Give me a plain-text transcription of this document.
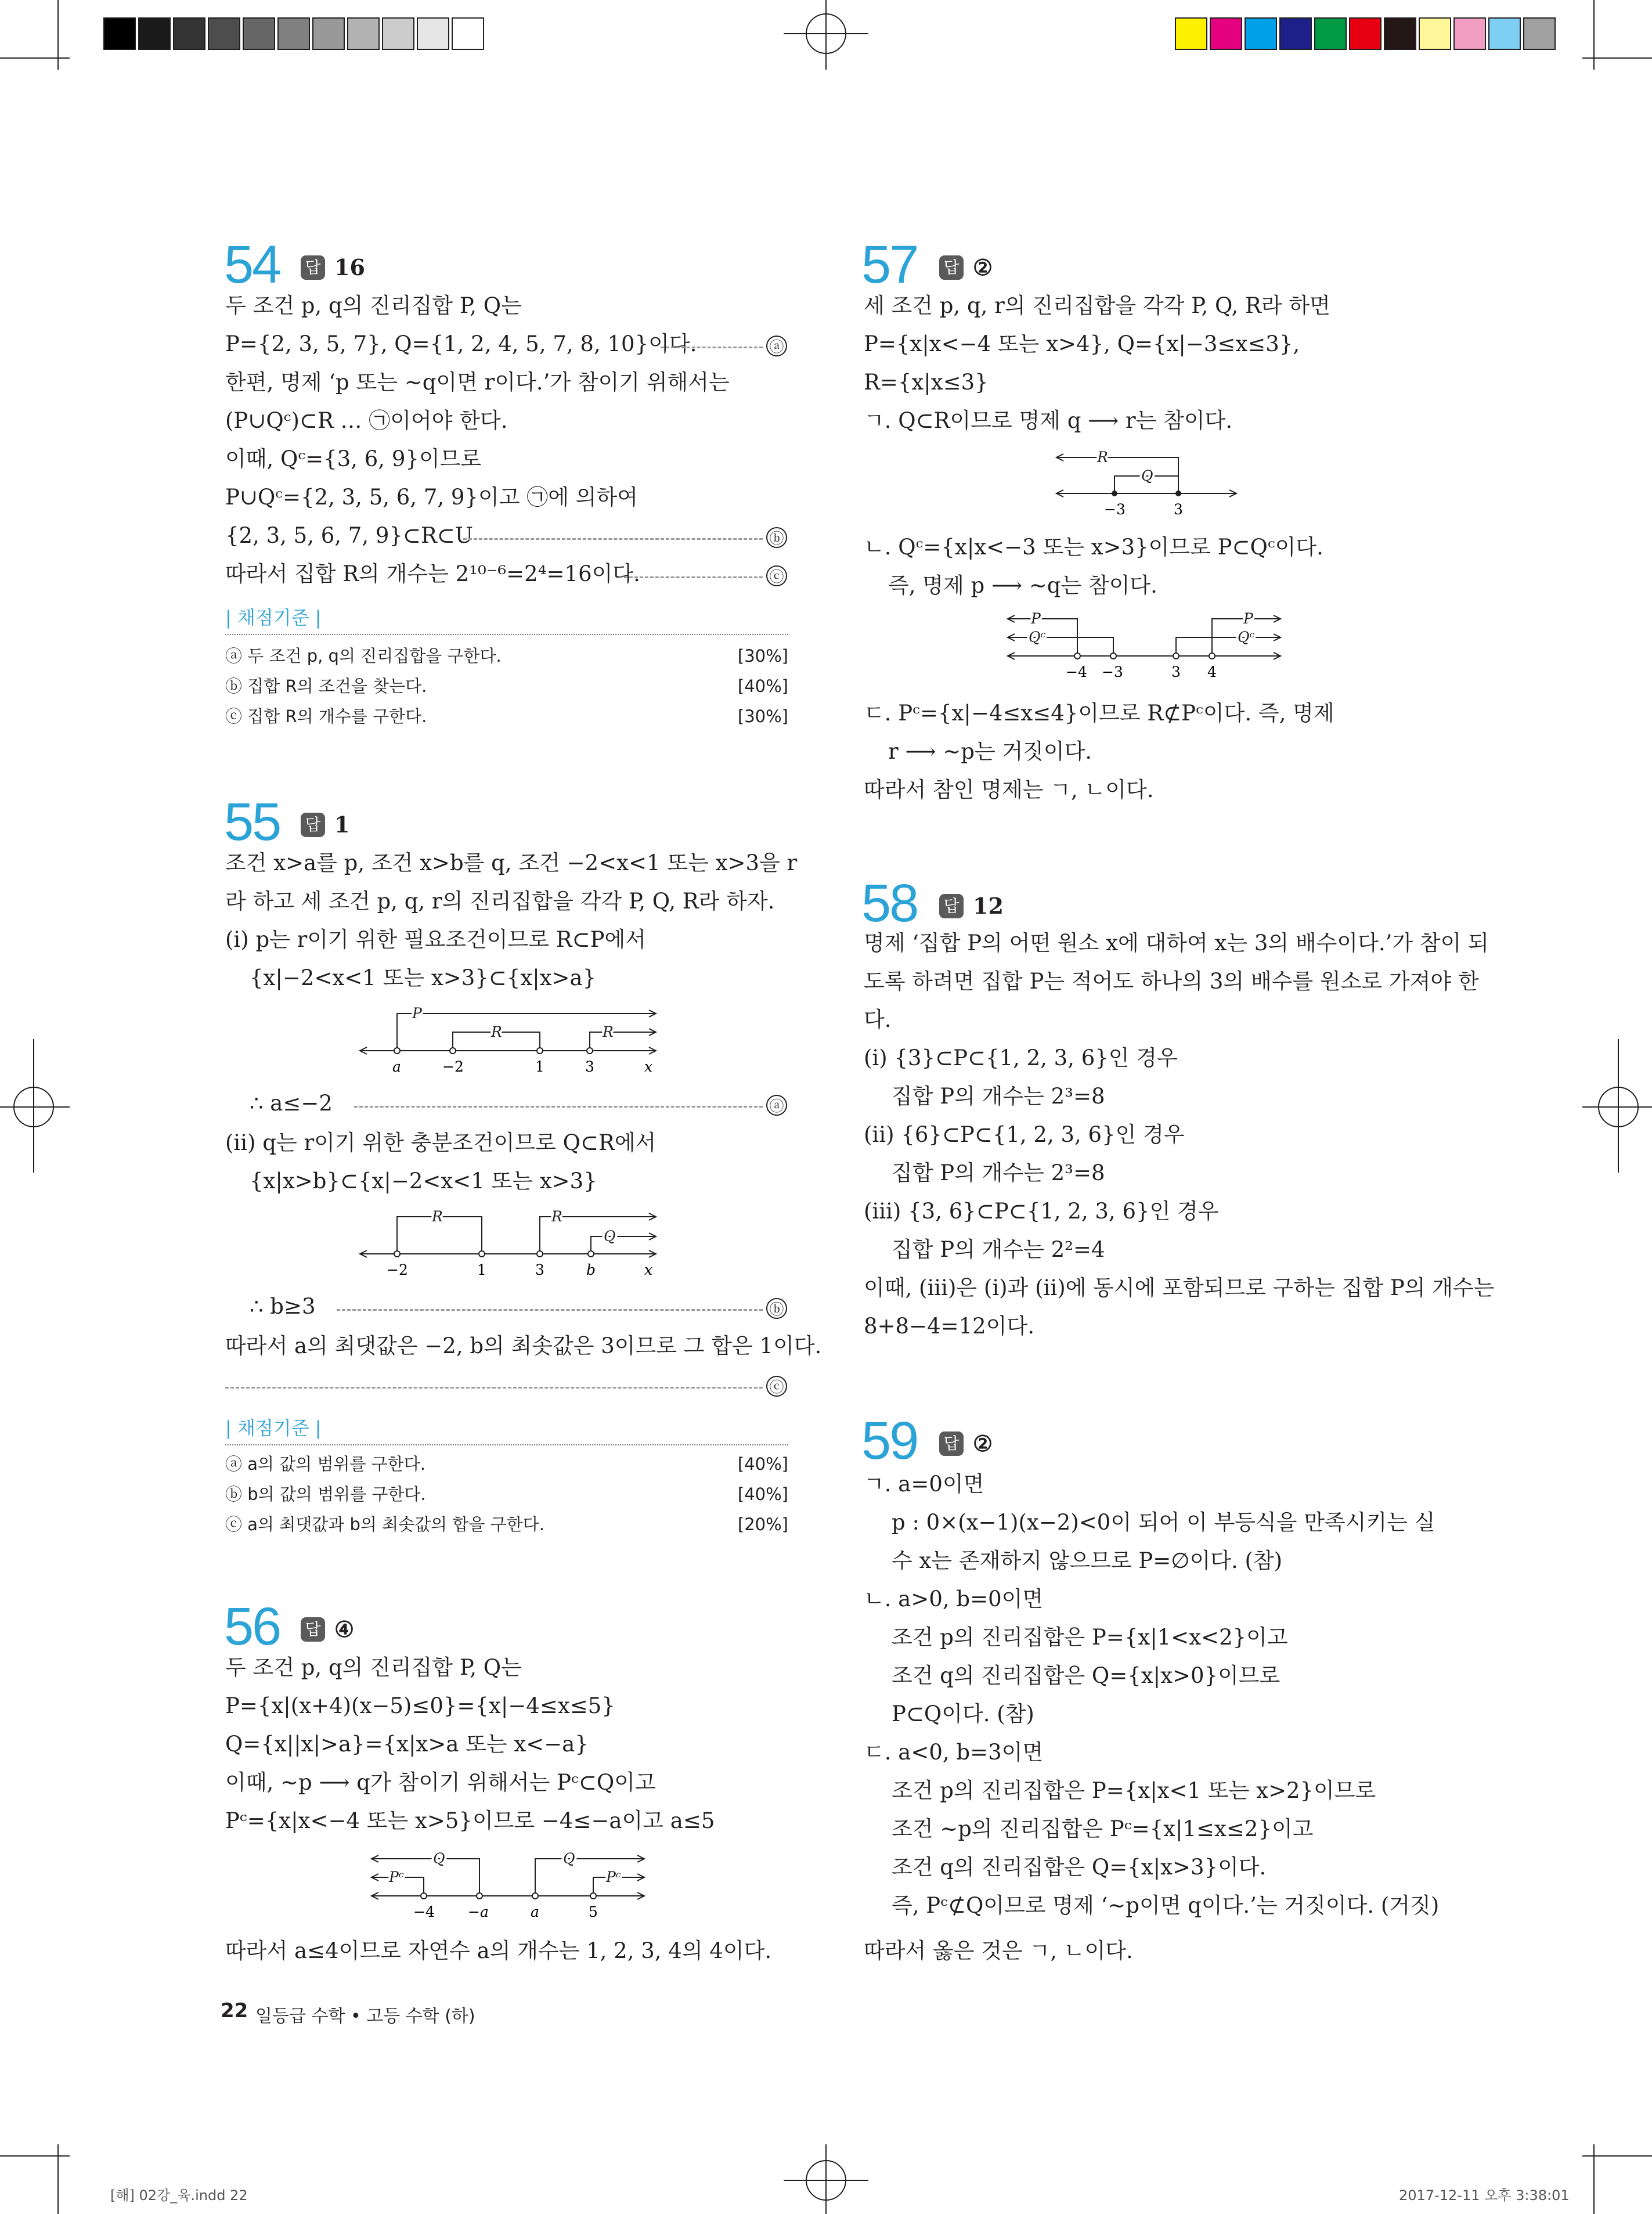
54 답 16
두 조건 p, q의 진리집합 P, Q는
P={2, 3, 5, 7}, Q={1, 2, 4, 5, 7, 8, 10}이다.	ⓐ
한편, 명제 ‘p 또는 ~q이면 r이다.’가 참이기 위해서는
(P∪Qᶜ)⊂R … ㉠이어야 한다.
이때, Qᶜ={3, 6, 9}이므로
P∪Qᶜ={2, 3, 5, 6, 7, 9}이고 ㉠에 의하여
{2, 3, 5, 6, 7, 9}⊂R⊂U	ⓑ
따라서 집합 R의 개수는 2¹⁰⁻⁶=2⁴=16이다.	ⓒ
| 채점기준 |
ⓐ 두 조건 p, q의 진리집합을 구한다.	[30%]
ⓑ 집합 R의 조건을 찾는다.	[40%]
ⓒ 집합 R의 개수를 구한다.	[30%]
55 답 1
조건 x>a를 p, 조건 x>b를 q, 조건 −2<x<1 또는 x>3을 r
라 하고 세 조건 p, q, r의 진리집합을 각각 P, Q, R라 하자.
(i) p는 r이기 위한 필요조건이므로 R⊂P에서
{x|−2<x<1 또는 x>3}⊂{x|x>a}
P
R	R
a	−2	1	3	x
∴ a≤−2	ⓐ
(ii) q는 r이기 위한 충분조건이므로 Q⊂R에서
{x|x>b}⊂{x|−2<x<1 또는 x>3}
R	R
Q
−2	1	3	b	x
∴ b≥3	ⓑ
따라서 a의 최댓값은 −2, b의 최솟값은 3이므로 그 합은 1이다.
ⓒ
| 채점기준 |
ⓐ a의 값의 범위를 구한다.	[40%]
ⓑ b의 값의 범위를 구한다.	[40%]
ⓒ a의 최댓값과 b의 최솟값의 합을 구한다.	[20%]
56 답 ④
두 조건 p, q의 진리집합 P, Q는
P={x|(x+4)(x−5)≤0}={x|−4≤x≤5}
Q={x||x|>a}={x|x>a 또는 x<−a}
이때, ~p ⟶ q가 참이기 위해서는 Pᶜ⊂Q이고
Pᶜ={x|x<−4 또는 x>5}이므로 −4≤−a이고 a≤5
Pᶜ
Q	Q
Pᶜ
−4 −a	a	5
따라서 a≤4이므로 자연수 a의 개수는 1, 2, 3, 4의 4이다.
57 답 ②
세 조건 p, q, r의 진리집합을 각각 P, Q, R라 하면
P={x|x<−4 또는 x>4}, Q={x|−3≤x≤3},
R={x|x≤3}
ㄱ. Q⊂R이므로 명제 q ⟶ r는 참이다.
R
Q
−3	3
ㄴ. Qᶜ={x|x<−3 또는 x>3}이므로 P⊂Qᶜ이다.
즉, 명제 p ⟶ ~q는 참이다.
P
Qᶜ
P
Qᶜ
−4 −3	3 4
ㄷ. Pᶜ={x|−4≤x≤4}이므로 R⊄Pᶜ이다. 즉, 명제
r ⟶ ~p는 거짓이다.
따라서 참인 명제는 ㄱ, ㄴ이다.
58 답 12
명제 ‘집합 P의 어떤 원소 x에 대하여 x는 3의 배수이다.’가 참이 되
도록 하려면 집합 P는 적어도 하나의 3의 배수를 원소로 가져야 한
다.
(i) {3}⊂P⊂{1, 2, 3, 6}인 경우
집합 P의 개수는 2³=8
(ii) {6}⊂P⊂{1, 2, 3, 6}인 경우
집합 P의 개수는 2³=8
(iii) {3, 6}⊂P⊂{1, 2, 3, 6}인 경우
집합 P의 개수는 2²=4
이때, (iii)은 (i)과 (ii)에 동시에 포함되므로 구하는 집합 P의 개수는
8+8−4=12이다.
59 답 ②
ㄱ. a=0이면
p : 0×(x−1)(x−2)<0이 되어 이 부등식을 만족시키는 실
수 x는 존재하지 않으므로 P=∅이다. (참)
ㄴ. a>0, b=0이면
조건 p의 진리집합은 P={x|1<x<2}이고
조건 q의 진리집합은 Q={x|x>0}이므로
P⊂Q이다. (참)
ㄷ. a<0, b=3이면
조건 p의 진리집합은 P={x|x<1 또는 x>2}이므로
조건 ~p의 진리집합은 Pᶜ={x|1≤x≤2}이고
조건 q의 진리집합은 Q={x|x>3}이다.
즉, Pᶜ⊄Q이므로 명제 ‘~p이면 q이다.’는 거짓이다. (거짓)
따라서 옳은 것은 ㄱ, ㄴ이다.
22 일등급 수학 • 고등 수학 (하)
[해] 02강_육.indd 22	2017-12-11 오후 3:38:01
